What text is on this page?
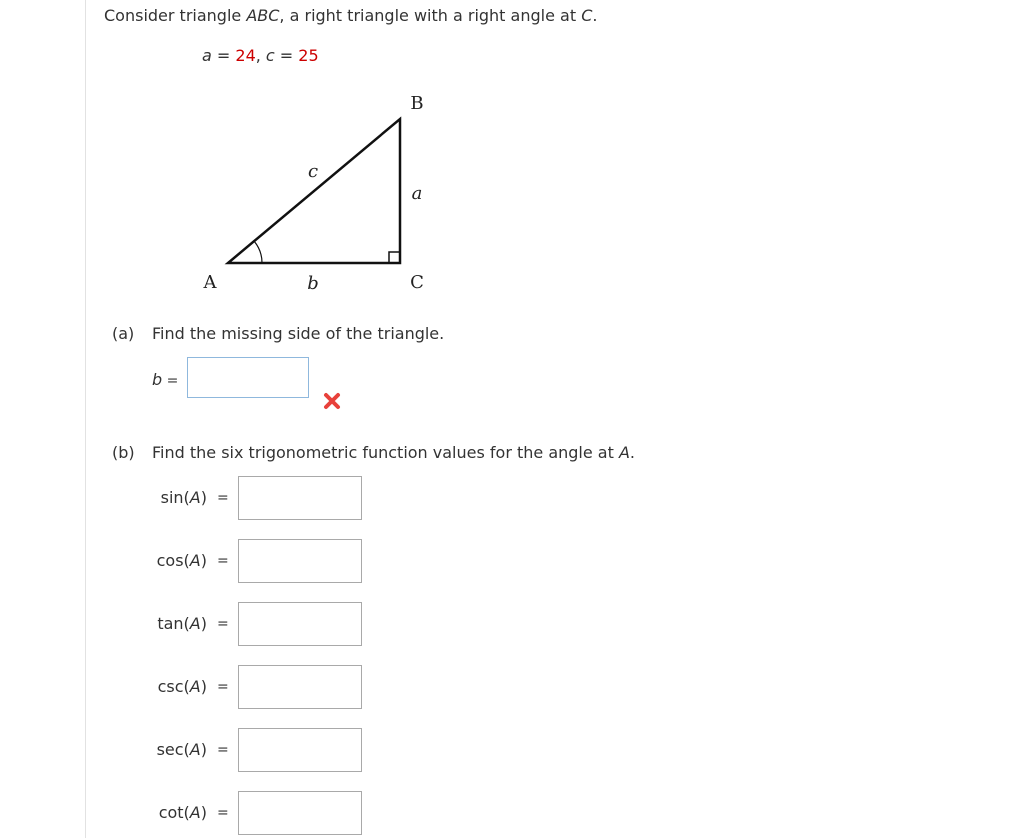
Consider triangle ABC, a right triangle with a right angle at C.
a = 24, c = 25
A
B
C
a
b
c
(a) Find the missing side of the triangle.
b =
(b) Find the six trigonometric function values for the angle at A.
sin(A) =
cos(A) =
tan(A) =
csc(A) =
sec(A) =
cot(A) =
